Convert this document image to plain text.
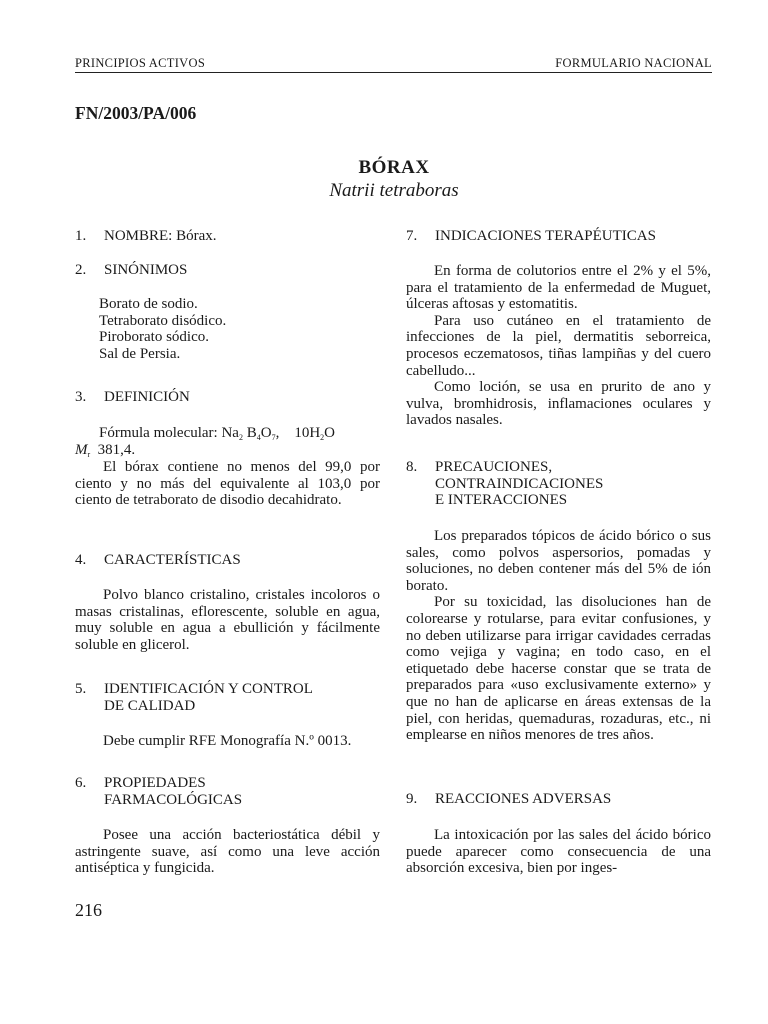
PRINCIPIOS ACTIVOS	FORMULARIO NACIONAL
FN/2003/PA/006
BÓRAX
Natrii tetraboras
1. NOMBRE: Bórax.
2. SINÓNIMOS
Borato de sodio.
Tetraborato disódico.
Piroborato sódico.
Sal de Persia.
3. DEFINICIÓN
Fórmula molecular: $Na_2$ $B_4O_7$,    $10H_2O$
$M_r$ 381,4.

El bórax contiene no menos del 99,0 por ciento y no más del equivalente al 103,0 por ciento de tetraborato de disodio decahidrato.

4. CARACTERÍSTICAS

Polvo blanco cristalino, cristales incoloros o masas cristalinas, eflorescente, soluble en agua, muy soluble en agua a ebullición y fácilmente soluble en glicerol.

5. IDENTIFICACIÓN Y CONTROL
DE CALIDAD

Debe cumplir RFE Monografía N.º 0013.

6. PROPIEDADES
FARMACOLÓGICAS

Posee una acción bacteriostática débil y astringente suave, así como una leve acción antiséptica y fungicida.

7. INDICACIONES TERAPÉUTICAS

En forma de colutorios entre el 2% y el 5%, para el tratamiento de la enfermedad de Muguet, úlceras aftosas y estomatitis.

Para uso cutáneo en el tratamiento de infecciones de la piel, dermatitis seborreica, procesos eczematosos, tiñas lampiñas y del cuero cabelludo...

Como loción, se usa en prurito de ano y vulva, bromhidrosis, inflamaciones oculares y lavados nasales.

8. PRECAUCIONES,
CONTRAINDICACIONES
E INTERACCIONES

Los preparados tópicos de ácido bórico o sus sales, como polvos aspersorios, pomadas y soluciones, no deben contener más del 5% de ión borato.

Por su toxicidad, las disoluciones han de colorearse y rotularse, para evitar confusiones, y no deben utilizarse para irrigar cavidades cerradas como vejiga y vagina; en todo caso, en el etiquetado debe hacerse constar que se trata de preparados para «uso exclusivamente externo» y que no han de aplicarse en áreas extensas de la piel, con heridas, quemaduras, rozaduras, etc., ni emplearse en niños menores de tres años.

9. REACCIONES ADVERSAS

La intoxicación por las sales del ácido bórico puede aparecer como consecuencia de una absorción excesiva, bien por inges-

216
